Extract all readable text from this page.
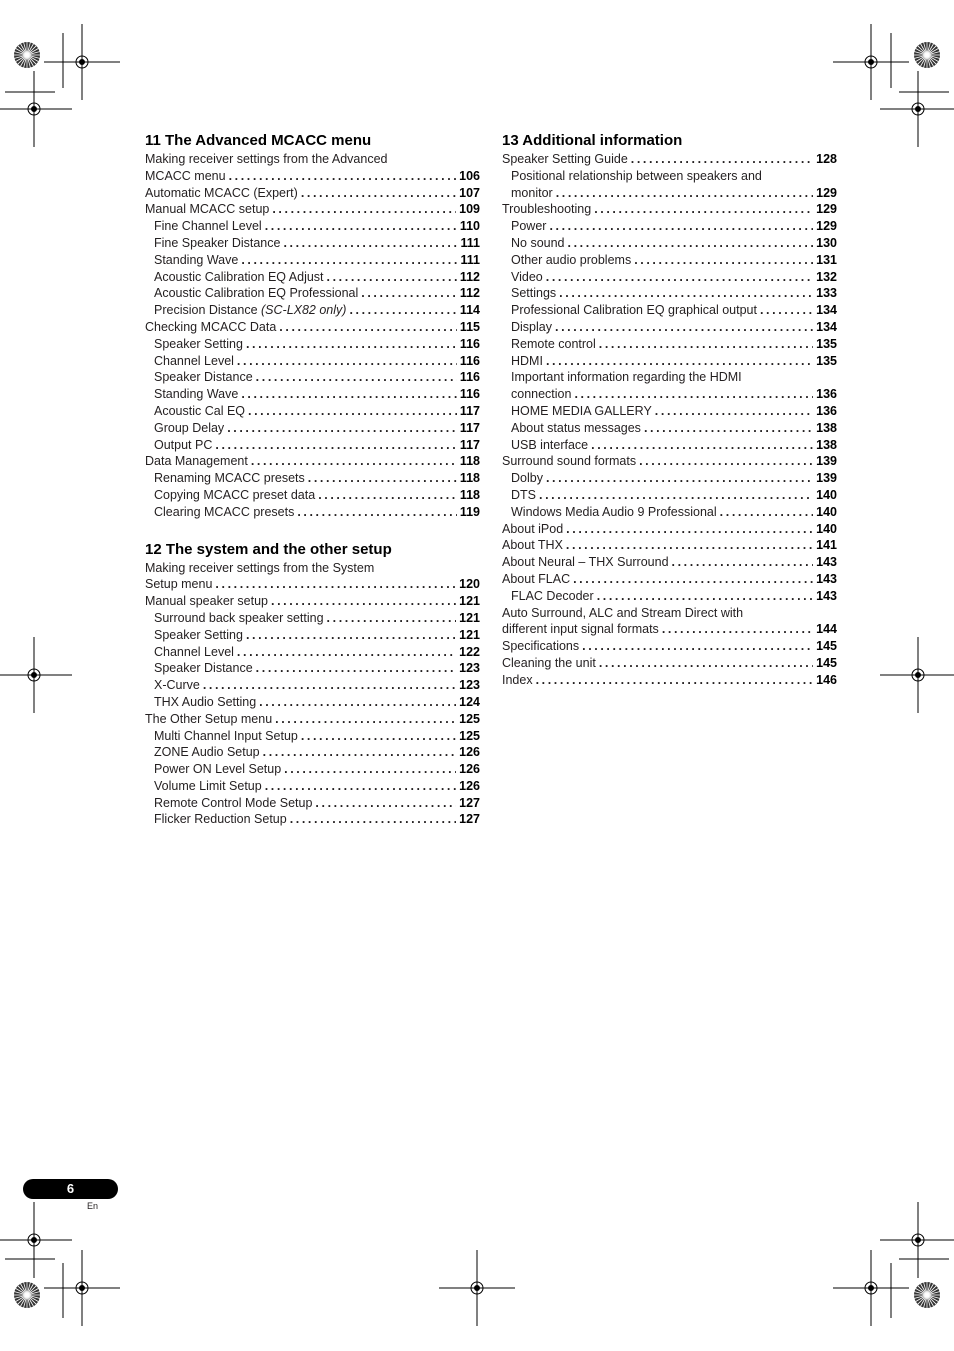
11 The Advanced MCACC menu
Making receiver settings from the Advanced
MCACC menu .....	106
Automatic MCACC (Expert) .....	107
Manual MCACC setup .....	109
Fine Channel Level .....	110
Fine Speaker Distance .....	111
Standing Wave .....	111
Acoustic Calibration EQ Adjust .....	112
Acoustic Calibration EQ Professional .....	112
Precision Distance (SC-LX82 only) .....	114
Checking MCACC Data .....	115
Speaker Setting .....	116
Channel Level .....	116
Speaker Distance .....	116
Standing Wave .....	116
Acoustic Cal EQ .....	117
Group Delay .....	117
Output PC .....	117
Data Management .....	118
Renaming MCACC presets .....	118
Copying MCACC preset data .....	118
Clearing MCACC presets .....	119
12 The system and the other setup
Making receiver settings from the System
Setup menu .....	120
Manual speaker setup .....	121
Surround back speaker setting .....	121
Speaker Setting .....	121
Channel Level .....	122
Speaker Distance .....	123
X-Curve .....	123
THX Audio Setting .....	124
The Other Setup menu .....	125
Multi Channel Input Setup .....	125
ZONE Audio Setup .....	126
Power ON Level Setup .....	126
Volume Limit Setup .....	126
Remote Control Mode Setup .....	127
Flicker Reduction Setup .....	127
13 Additional information
Speaker Setting Guide .....	128
Positional relationship between speakers and
monitor .....	129
Troubleshooting .....	129
Power .....	129
No sound .....	130
Other audio problems .....	131
Video .....	132
Settings .....	133
Professional Calibration EQ graphical output .....	134
Display .....	134
Remote control .....	135
HDMI .....	135
Important information regarding the HDMI
connection .....	136
HOME MEDIA GALLERY .....	136
About status messages .....	138
USB interface .....	138
Surround sound formats .....	139
Dolby .....	139
DTS .....	140
Windows Media Audio 9 Professional .....	140
About iPod .....	140
About THX .....	141
About Neural – THX Surround .....	143
About FLAC .....	143
FLAC Decoder .....	143
Auto Surround, ALC and Stream Direct with
different input signal formats .....	144
Specifications .....	145
Cleaning the unit .....	145
Index .....	146
6
En
